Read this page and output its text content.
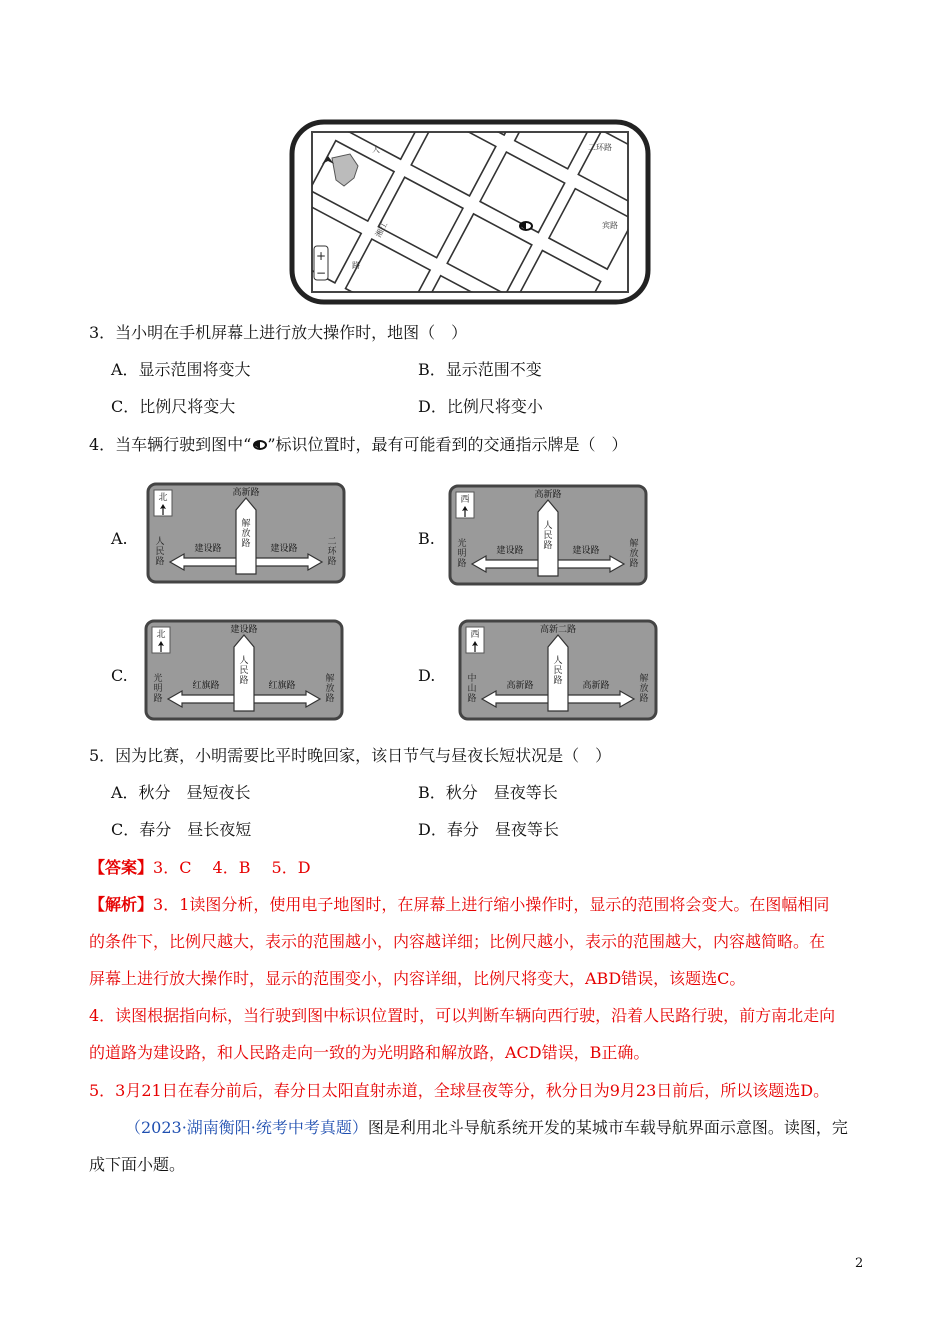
+
−
人	二环路
湘江	宾路
路
3．当小明在手机屏幕上进行放大操作时，地图（　）
A．显示范围将变大	B．显示范围不变
C．比例尺将变大	D．比例尺将变小
4．当车辆行驶到图中“ ”标识位置时，最有可能看到的交通指示牌是（　）
A.	B.
C.	D.
北	高新路
解放路
建设路	建设路
人民路
二环路
西	高新路
人民路
建设路	建设路
光明路
解放路
北	建设路
人民路
红旗路	红旗路
光明路
解放路
西	高新二路
人民路
高新路	高新路
中山路
解放路
5．因为比赛，小明需要比平时晚回家，该日节气与昼夜长短状况是（　）
A．秋分　昼短夜长	B．秋分　昼夜等长
C．春分　昼长夜短	D．春分　昼夜等长
【答案】3．C　 4．B　 5．D
【解析】3．1读图分析，使用电子地图时，在屏幕上进行缩小操作时，显示的范围将会变大。在图幅相同
的条件下，比例尺越大，表示的范围越小，内容越详细；比例尺越小，表示的范围越大，内容越简略。在
屏幕上进行放大操作时，显示的范围变小，内容详细，比例尺将变大，ABD错误，该题选C。
4．读图根据指向标，当行驶到图中标识位置时，可以判断车辆向西行驶，沿着人民路行驶，前方南北走向
的道路为建设路，和人民路走向一致的为光明路和解放路，ACD错误，B正确。
5．3月21日在春分前后，春分日太阳直射赤道，全球昼夜等分，秋分日为9月23日前后，所以该题选D。
（2023·湖南衡阳·统考中考真题）图是利用北斗导航系统开发的某城市车载导航界面示意图。读图，完
成下面小题。
2
